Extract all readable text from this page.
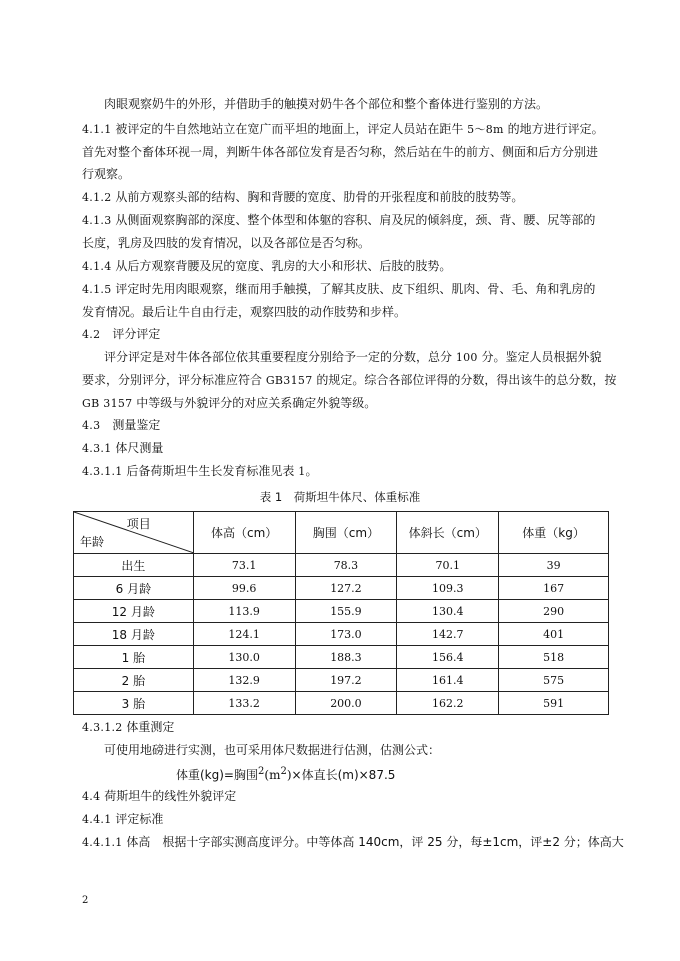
肉眼观察奶牛的外形，并借助手的触摸对奶牛各个部位和整个畜体进行鉴别的方法。
4.1.1 被评定的牛自然地站立在宽广而平坦的地面上，评定人员站在距牛 5～8m 的地方进行评定。
首先对整个畜体环视一周，判断牛体各部位发育是否匀称，然后站在牛的前方、侧面和后方分别进
行观察。
4.1.2 从前方观察头部的结构、胸和背腰的宽度、肋骨的开张程度和前肢的肢势等。
4.1.3 从侧面观察胸部的深度、整个体型和体躯的容积、肩及尻的倾斜度，颈、背、腰、尻等部的
长度，乳房及四肢的发育情况，以及各部位是否匀称。
4.1.4 从后方观察背腰及尻的宽度、乳房的大小和形状、后肢的肢势。
4.1.5 评定时先用肉眼观察，继而用手触摸，了解其皮肤、皮下组织、肌肉、骨、毛、角和乳房的
发育情况。最后让牛自由行走，观察四肢的动作肢势和步样。
4.2　评分评定
评分评定是对牛体各部位依其重要程度分别给予一定的分数，总分 100 分。鉴定人员根据外貌
要求，分别评分，评分标准应符合 GB3157 的规定。综合各部位评得的分数，得出该牛的总分数，按
GB 3157 中等级与外貌评分的对应关系确定外貌等级。
4.3　测量鉴定
4.3.1 体尺测量
4.3.1.1 后备荷斯坦牛生长发育标准见表 1。
表 1　荷斯坦牛体尺、体重标准
项目
年龄	体高（cm）	胸围（cm）	体斜长（cm）	体重（kg）
出生	73.1	78.3	70.1	39
6 月龄	99.6	127.2	109.3	167
12 月龄	113.9	155.9	130.4	290
18 月龄	124.1	173.0	142.7	401
1 胎	130.0	188.3	156.4	518
2 胎	132.9	197.2	161.4	575
3 胎	133.2	200.0	162.2	591
4.3.1.2 体重测定
可使用地磅进行实测，也可采用体尺数据进行估测，估测公式：
体重(kg)=胸围$^2(m^2)\times$体直长(m)×87.5
4.4 荷斯坦牛的线性外貌评定
4.4.1 评定标准
4.4.1.1 体高　根据十字部实测高度评分。中等体高 140cm，评 25 分，每±1cm，评±2 分；体高大
2
